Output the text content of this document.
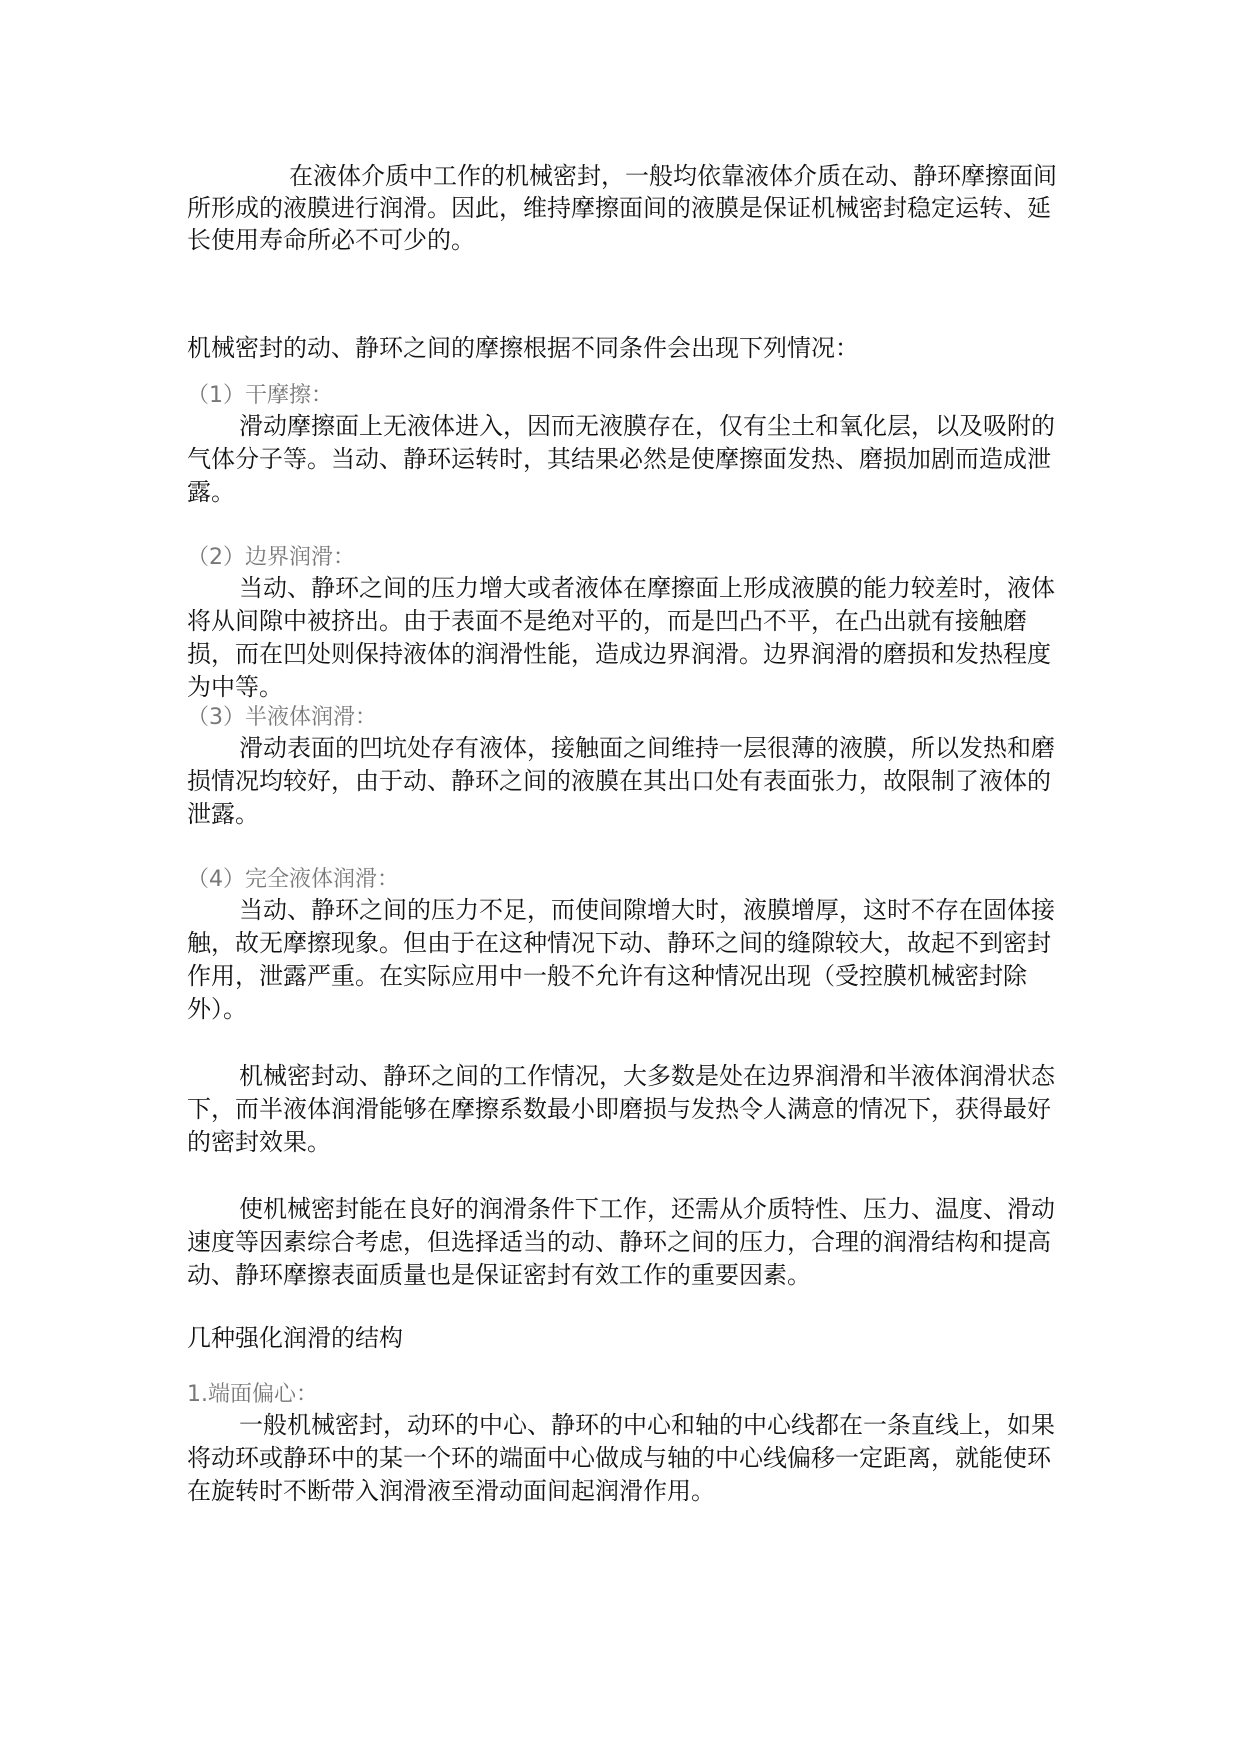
在液体介质中工作的机械密封，一般均依靠液体介质在动、静环摩擦面间所形成的液膜进行润滑。因此，维持摩擦面间的液膜是保证机械密封稳定运转、延长使用寿命所必不可少的。

机械密封的动、静环之间的摩擦根据不同条件会出现下列情况：

（1）干摩擦：

滑动摩擦面上无液体进入，因而无液膜存在，仅有尘土和氧化层，以及吸附的气体分子等。当动、静环运转时，其结果必然是使摩擦面发热、磨损加剧而造成泄露。

（2）边界润滑：

当动、静环之间的压力增大或者液体在摩擦面上形成液膜的能力较差时，液体将从间隙中被挤出。由于表面不是绝对平的，而是凹凸不平，在凸出就有接触磨损，而在凹处则保持液体的润滑性能，造成边界润滑。边界润滑的磨损和发热程度为中等。

（3）半液体润滑：

滑动表面的凹坑处存有液体，接触面之间维持一层很薄的液膜，所以发热和磨损情况均较好，由于动、静环之间的液膜在其出口处有表面张力，故限制了液体的泄露。

（4）完全液体润滑：

当动、静环之间的压力不足，而使间隙增大时，液膜增厚，这时不存在固体接触，故无摩擦现象。但由于在这种情况下动、静环之间的缝隙较大，故起不到密封作用，泄露严重。在实际应用中一般不允许有这种情况出现（受控膜机械密封除外）。

机械密封动、静环之间的工作情况，大多数是处在边界润滑和半液体润滑状态下，而半液体润滑能够在摩擦系数最小即磨损与发热令人满意的情况下，获得最好的密封效果。

使机械密封能在良好的润滑条件下工作，还需从介质特性、压力、温度、滑动速度等因素综合考虑，但选择适当的动、静环之间的压力，合理的润滑结构和提高动、静环摩擦表面质量也是保证密封有效工作的重要因素。

几种强化润滑的结构

1.端面偏心：

一般机械密封，动环的中心、静环的中心和轴的中心线都在一条直线上，如果将动环或静环中的某一个环的端面中心做成与轴的中心线偏移一定距离，就能使环在旋转时不断带入润滑液至滑动面间起润滑作用。
